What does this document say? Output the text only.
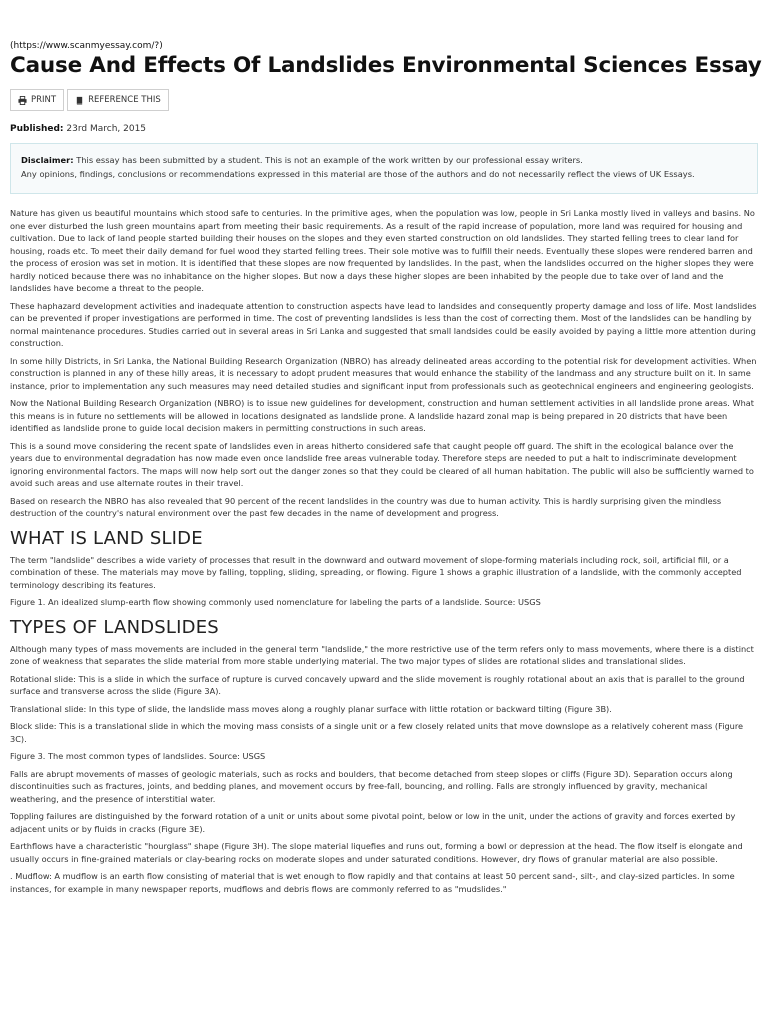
(https://www.scanmyessay.com/?)
Cause And Effects Of Landslides Environmental Sciences Essay
PRINT	REFERENCE THIS
Published: 23rd March, 2015
Disclaimer: This essay has been submitted by a student. This is not an example of the work written by our professional essay writers.
Any opinions, findings, conclusions or recommendations expressed in this material are those of the authors and do not necessarily reflect the views of UK Essays.

Nature has given us beautiful mountains which stood safe to centuries. In the primitive ages, when the population was low, people in Sri Lanka mostly lived in valleys and basins. No one ever disturbed the lush green mountains apart from meeting their basic requirements. As a result of the rapid increase of population, more land was required for housing and cultivation. Due to lack of land people started building their houses on the slopes and they even started construction on old landslides. They started felling trees to clear land for housing, roads etc. To meet their daily demand for fuel wood they started felling trees. Their sole motive was to fulfill their needs. Eventually these slopes were rendered barren and the process of erosion was set in motion. It is identified that these slopes are now frequented by landslides. In the past, when the landslides occurred on the higher slopes they were hardly noticed because there was no inhabitance on the higher slopes. But now a days these higher slopes are been inhabited by the people due to take over of land and the landslides have become a threat to the people.

These haphazard development activities and inadequate attention to construction aspects have lead to landsides and consequently property damage and loss of life. Most landslides can be prevented if proper investigations are performed in time. The cost of preventing landslides is less than the cost of correcting them. Most of the landslides can be handling by normal maintenance procedures. Studies carried out in several areas in Sri Lanka and suggested that small landsides could be easily avoided by paying a little more attention during construction.

In some hilly Districts, in Sri Lanka, the National Building Research Organization (NBRO) has already delineated areas according to the potential risk for development activities. When construction is planned in any of these hilly areas, it is necessary to adopt prudent measures that would enhance the stability of the landmass and any structure built on it. In same instance, prior to implementation any such measures may need detailed studies and significant input from professionals such as geotechnical engineers and engineering geologists.

Now the National Building Research Organization (NBRO) is to issue new guidelines for development, construction and human settlement activities in all landslide prone areas. What this means is in future no settlements will be allowed in locations designated as landslide prone. A landslide hazard zonal map is being prepared in 20 districts that have been identified as landslide prone to guide local decision makers in permitting constructions in such areas.

This is a sound move considering the recent spate of landslides even in areas hitherto considered safe that caught people off guard. The shift in the ecological balance over the years due to environmental degradation has now made even once landslide free areas vulnerable today. Therefore steps are needed to put a halt to indiscriminate development ignoring environmental factors. The maps will now help sort out the danger zones so that they could be cleared of all human habitation. The public will also be sufficiently warned to avoid such areas and use alternate routes in their travel.

Based on research the NBRO has also revealed that 90 percent of the recent landslides in the country was due to human activity. This is hardly surprising given the mindless destruction of the country's natural environment over the past few decades in the name of development and progress.

WHAT IS LAND SLIDE

The term "landslide" describes a wide variety of processes that result in the downward and outward movement of slope-forming materials including rock, soil, artificial fill, or a combination of these. The materials may move by falling, toppling, sliding, spreading, or flowing. Figure 1 shows a graphic illustration of a landslide, with the commonly accepted terminology describing its features.

Figure 1. An idealized slump-earth flow showing commonly used nomenclature for labeling the parts of a landslide. Source: USGS

TYPES OF LANDSLIDES

Although many types of mass movements are included in the general term "landslide," the more restrictive use of the term refers only to mass movements, where there is a distinct zone of weakness that separates the slide material from more stable underlying material. The two major types of slides are rotational slides and translational slides.

Rotational slide: This is a slide in which the surface of rupture is curved concavely upward and the slide movement is roughly rotational about an axis that is parallel to the ground surface and transverse across the slide (Figure 3A).

Translational slide: In this type of slide, the landslide mass moves along a roughly planar surface with little rotation or backward tilting (Figure 3B).

Block slide: This is a translational slide in which the moving mass consists of a single unit or a few closely related units that move downslope as a relatively coherent mass (Figure 3C).

Figure 3. The most common types of landslides. Source: USGS

Falls are abrupt movements of masses of geologic materials, such as rocks and boulders, that become detached from steep slopes or cliffs (Figure 3D). Separation occurs along discontinuities such as fractures, joints, and bedding planes, and movement occurs by free-fall, bouncing, and rolling. Falls are strongly influenced by gravity, mechanical weathering, and the presence of interstitial water.

Toppling failures are distinguished by the forward rotation of a unit or units about some pivotal point, below or low in the unit, under the actions of gravity and forces exerted by adjacent units or by fluids in cracks (Figure 3E).

Earthflows have a characteristic "hourglass" shape (Figure 3H). The slope material liquefies and runs out, forming a bowl or depression at the head. The flow itself is elongate and usually occurs in fine-grained materials or clay-bearing rocks on moderate slopes and under saturated conditions. However, dry flows of granular material are also possible.

. Mudflow: A mudflow is an earth flow consisting of material that is wet enough to flow rapidly and that contains at least 50 percent sand-, silt-, and clay-sized particles. In some instances, for example in many newspaper reports, mudflows and debris flows are commonly referred to as "mudslides."
